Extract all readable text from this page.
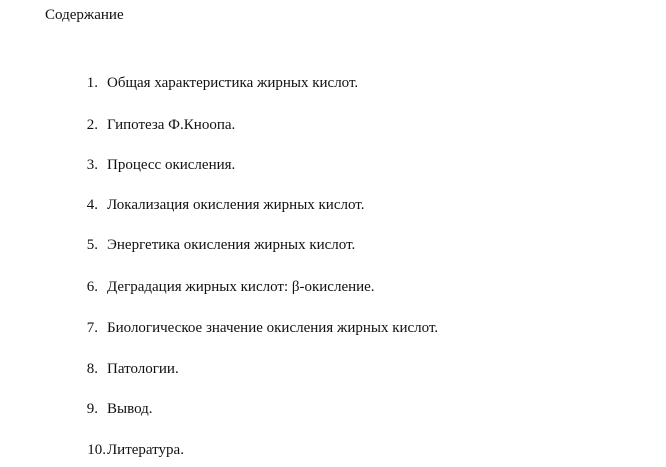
Содержание
1. Общая характеристика жирных кислот.
2. Гипотеза Ф.Кноопа.
3. Процесс окисления.
4. Локализация окисления жирных кислот.
5. Энергетика окисления жирных кислот.
6. Деградация жирных кислот: β-окисление.
7. Биологическое значение окисления жирных кислот.
8. Патологии.
9. Вывод.
10. Литература.
